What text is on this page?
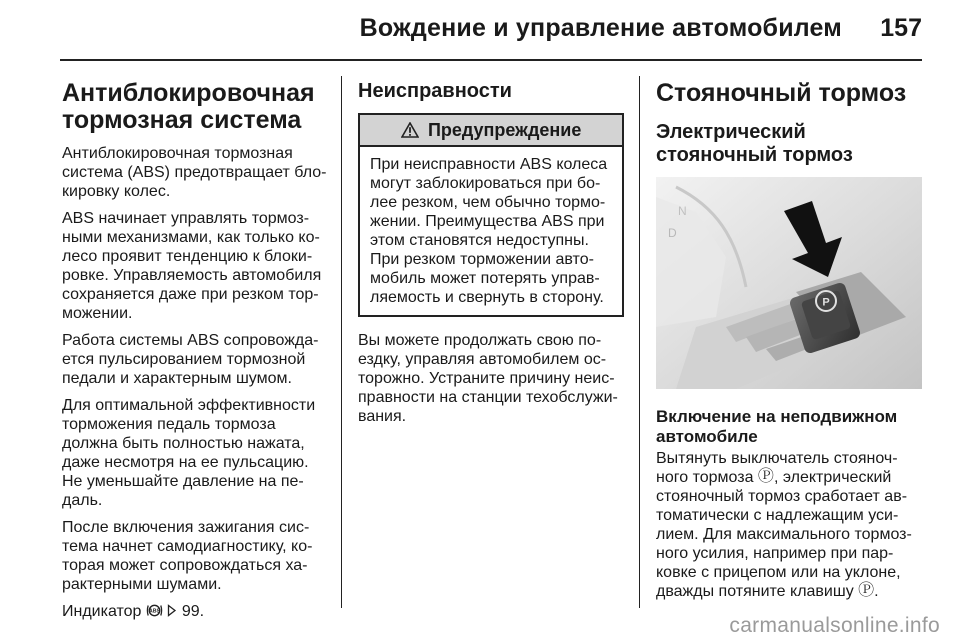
Вождение и управление автомобилем 157
Антиблокировочная тормозная система

Антиблокировочная тормозная система (ABS) предотвращает бло-кировку колес.

ABS начинает управлять тормоз-ными механизмами, как только ко-лесо проявит тенденцию к блоки-ровке. Управляемость автомобиля сохраняется даже при резком тор-можении.

Работа системы ABS сопровожда-ется пульсированием тормозной педали и характерным шумом.

Для оптимальной эффективности торможения педаль тормоза должна быть полностью нажата, даже несмотря на ее пульсацию. Не уменьшайте давление на пе-даль.

После включения зажигания сис-тема начнет самодиагностику, ко-торая может сопровождаться ха-рактерными шумами.

Индикатор ABS 99.

Неисправности
Предупреждение

При неисправности ABS колеса могут заблокироваться при бо-лее резком, чем обычно тормо-жении. Преимущества ABS при этом становятся недоступны. При резком торможении авто-мобиль может потерять управ-ляемость и свернуть в сторону.

Вы можете продолжать свою по-ездку, управляя автомобилем ос-торожно. Устраните причину неис-правности на станции техобслужи-вания.

Стояночный тормоз
Электрический стояночный тормоз
D
N
P
Включение на неподвижном автомобиле

Вытянуть выключатель стояноч-ного тормоза Ⓟ, электрический стояночный тормоз сработает ав-томатически с надлежащим уси-лием. Для максимального тормоз-ного усилия, например при пар-ковке с прицепом или на уклоне, дважды потяните клавишу Ⓟ.

carmanualsonline.info
